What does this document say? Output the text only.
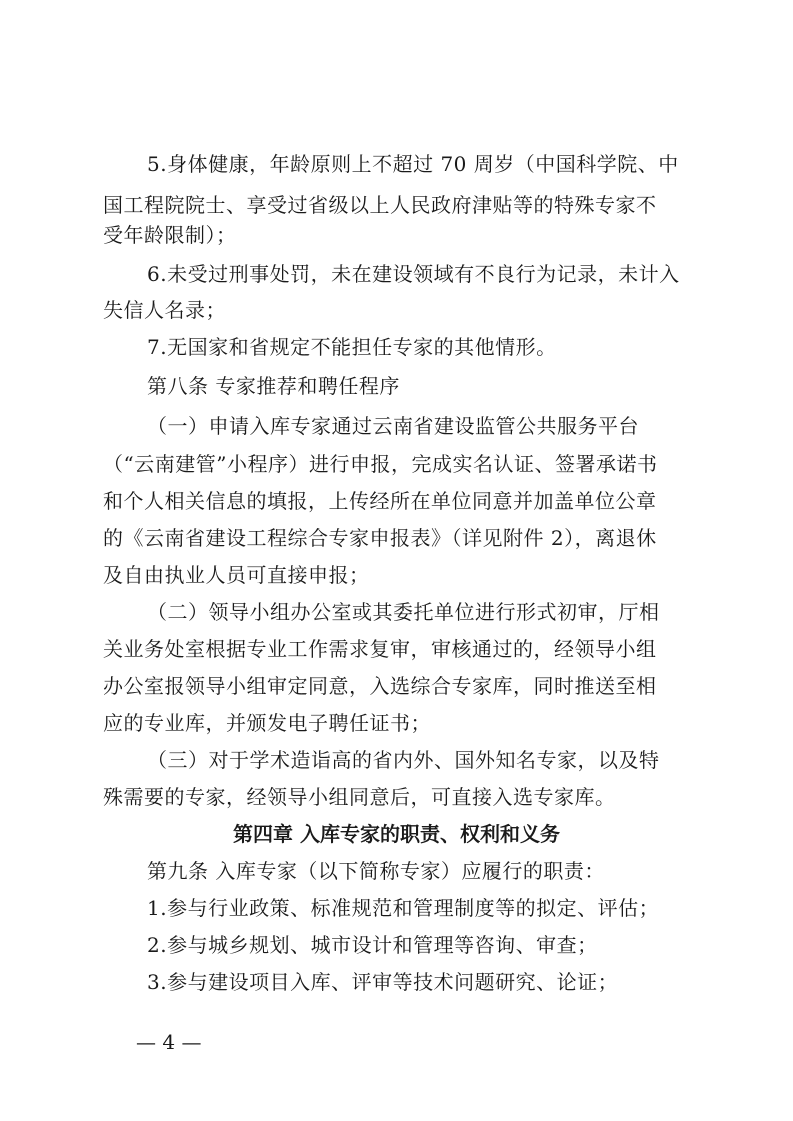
5.身体健康，年龄原则上不超过 70 周岁（中国科学院、中
国工程院院士、享受过省级以上人民政府津贴等的特殊专家不
受年龄限制）；
6.未受过刑事处罚，未在建设领域有不良行为记录，未计入
失信人名录；
7.无国家和省规定不能担任专家的其他情形。
第八条 专家推荐和聘任程序
（一）申请入库专家通过云南省建设监管公共服务平台
（“云南建管”小程序）进行申报，完成实名认证、签署承诺书
和个人相关信息的填报，上传经所在单位同意并加盖单位公章
的《云南省建设工程综合专家申报表》（详见附件 2），离退休
及自由执业人员可直接申报；
（二）领导小组办公室或其委托单位进行形式初审，厅相
关业务处室根据专业工作需求复审，审核通过的，经领导小组
办公室报领导小组审定同意，入选综合专家库，同时推送至相
应的专业库，并颁发电子聘任证书；
（三）对于学术造诣高的省内外、国外知名专家，以及特
殊需要的专家，经领导小组同意后，可直接入选专家库。
第四章 入库专家的职责、权利和义务
第九条 入库专家（以下简称专家）应履行的职责：
1.参与行业政策、标准规范和管理制度等的拟定、评估；
2.参与城乡规划、城市设计和管理等咨询、审查；
3.参与建设项目入库、评审等技术问题研究、论证；
— 4 —
